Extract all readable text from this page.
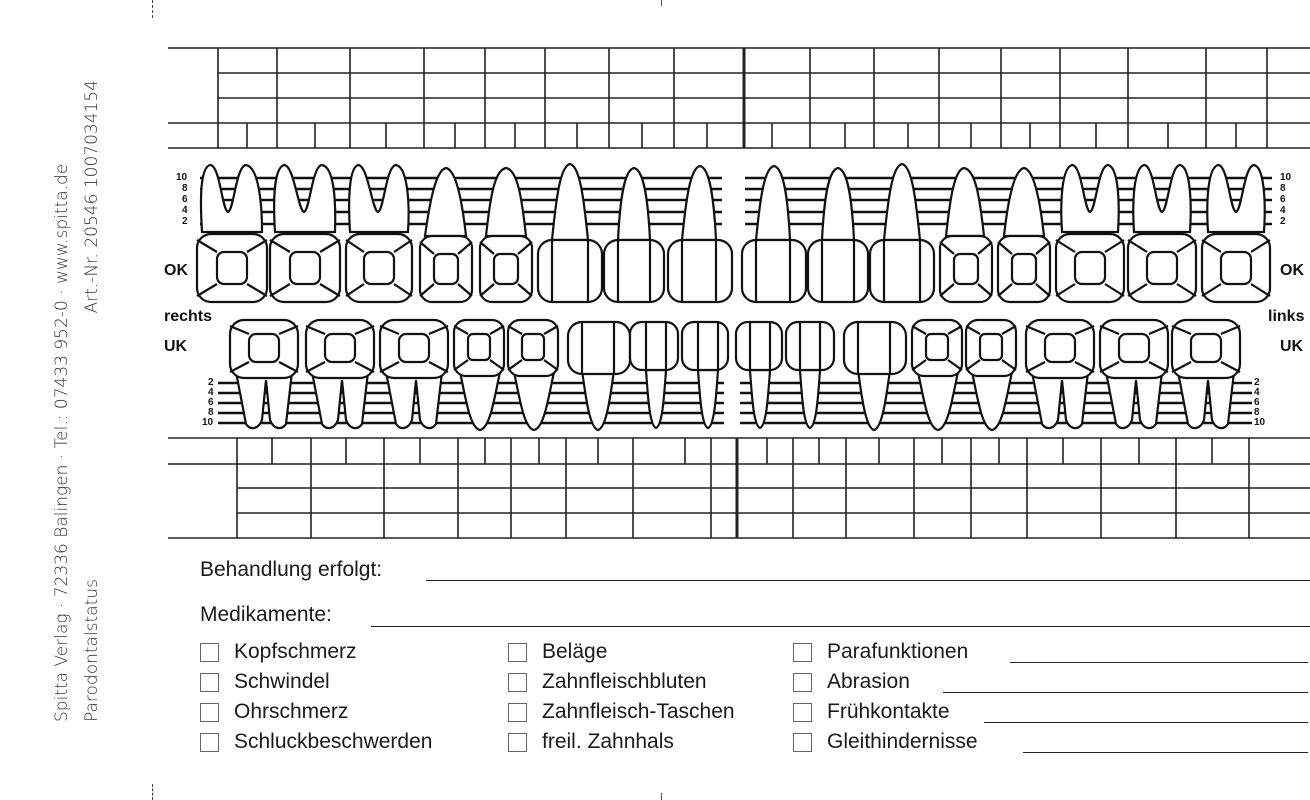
Spitta Verlag · 72336 Balingen · Tel.: 07433 952-0 · www.spitta.de Parodontalstatus
Art.-Nr. 20546 1007034154	10
8
6
4
2
10
8
6
4
2
2
4
6
8
10
2
4
6
8
10
OK
rechts
UK
OK
links
UK
Behandlung erfolgt:
Medikamente:
Kopfschmerz
Schwindel
Ohrschmerz
Schluckbeschwerden
Beläge
Zahnfleischbluten
Zahnfleisch-Taschen
freil. Zahnhals
Parafunktionen
Abrasion
Frühkontakte
Gleithindernisse
